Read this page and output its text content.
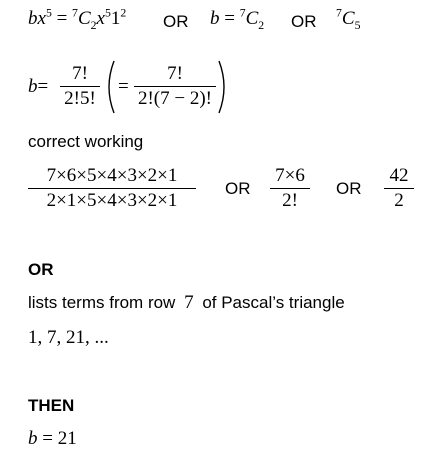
$bx^5 = ^7C_2x^51^2$ OR $b = ^7C_2$ OR $^7C_5$
b=
7!
2!5!
=
7!
2!(7 − 2)!
correct working
7×6×5×4×3×2×1
2×1×5×4×3×2×1
OR
7×6
2!
OR
42
2
OR
lists terms from row 7 of Pascal’s triangle
1, 7, 21, ...
THEN
b = 21
